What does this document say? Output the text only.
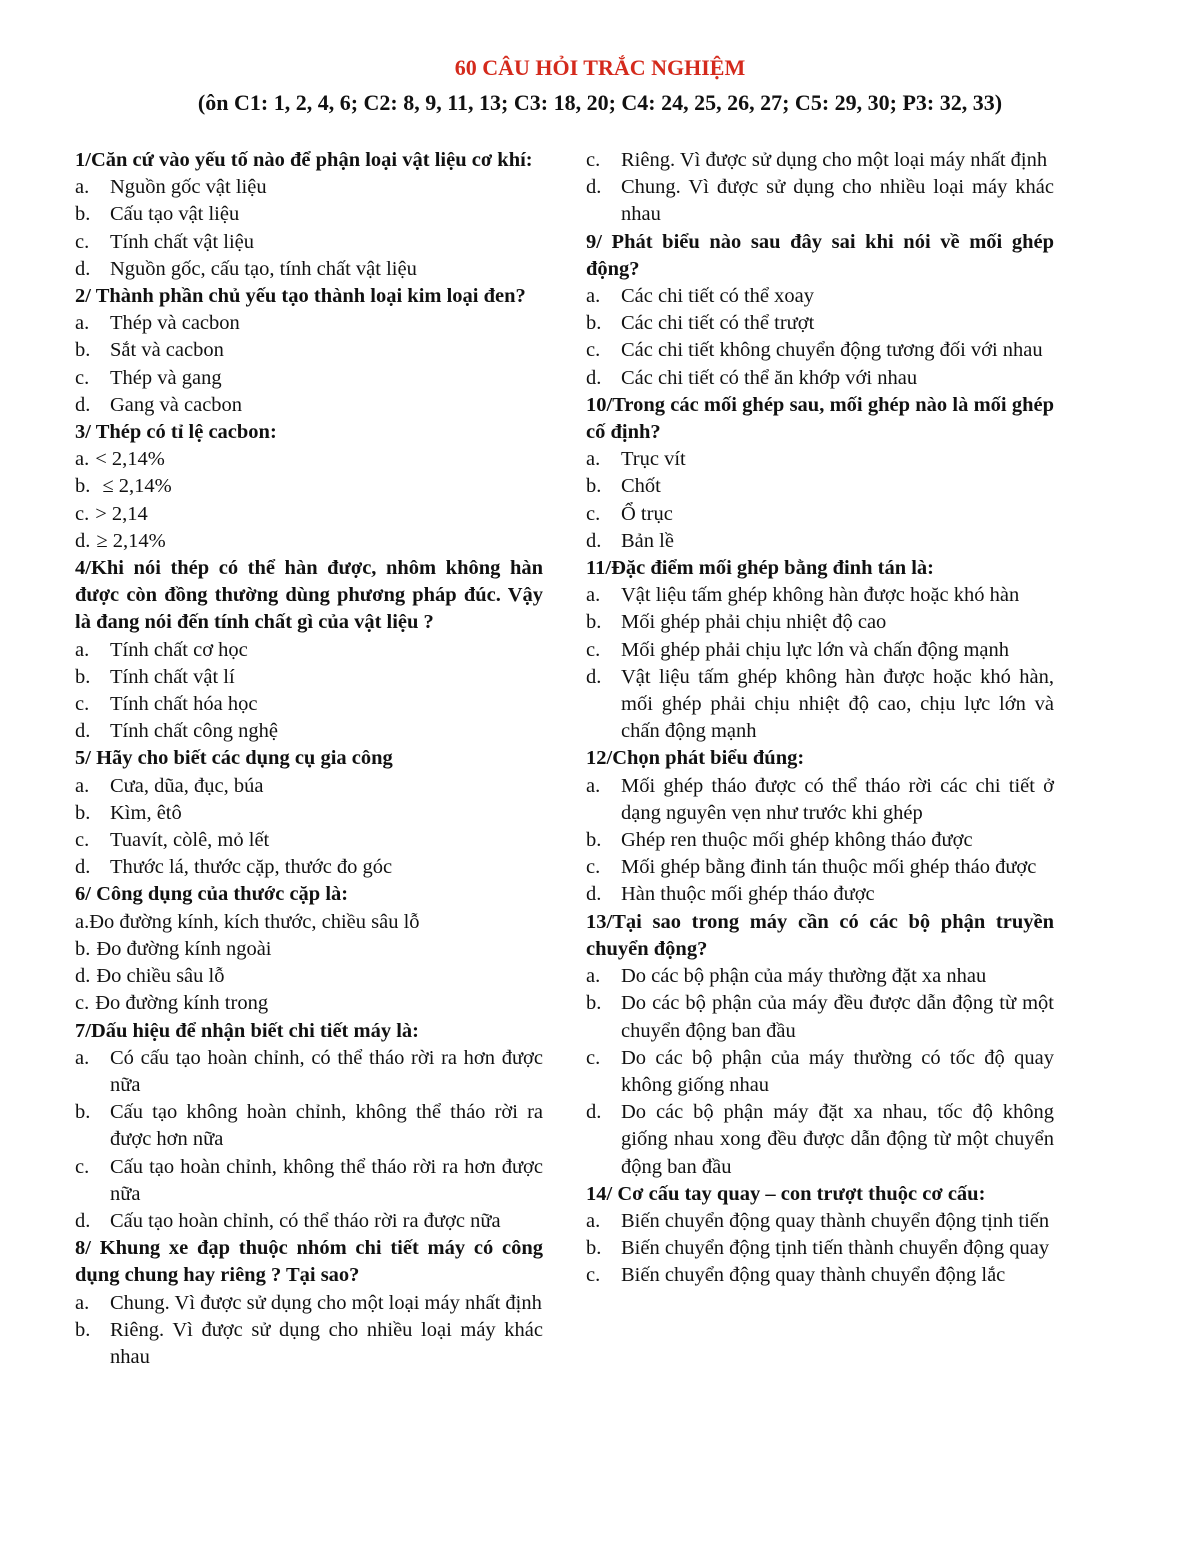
60 CÂU HỎI TRẮC NGHIỆM
(ôn C1: 1, 2, 4, 6; C2: 8, 9, 11, 13; C3: 18, 20; C4: 24, 25, 26, 27; C5: 29, 30; P3: 32, 33)
1/Căn cứ vào yếu tố nào để phận loại vật liệu cơ khí:
a.	Nguồn gốc vật liệu
b. Cấu tạo vật liệu
c.	Tính chất vật liệu
d. Nguồn gốc, cấu tạo, tính chất vật liệu
2/ Thành phần chủ yếu tạo thành loại kim loại đen?
a.	Thép và cacbon
b. Sắt và cacbon
c.	Thép và gang
d. Gang và cacbon
3/ Thép có tỉ lệ cacbon:
a. < 2,14%
b. ≤ 2,14%
c. > 2,14
d. ≥ 2,14%
4/Khi nói thép có thể hàn được, nhôm không hàn được còn đồng thường dùng phương pháp đúc. Vậy là đang nói đến tính chất gì của vật liệu ?
a.	Tính chất cơ học
b. Tính chất vật lí
c.	Tính chất hóa học
d. Tính chất công nghệ
5/ Hãy cho biết các dụng cụ gia công
a.	Cưa, dũa, đục, búa
b. Kìm, êtô
c.	Tuavít, còlê, mỏ lết
d. Thước lá, thước cặp, thước đo góc
6/ Công dụng của thước cặp là:
a. Đo đường kính, kích thước, chiều sâu lỗ
b. Đo đường kính ngoài
d. Đo chiều sâu lỗ
c. Đo đường kính trong
7/Dấu hiệu để nhận biết chi tiết máy là:
a.	Có cấu tạo hoàn chỉnh, có thể tháo rời ra hơn được nữa
b. Cấu tạo không hoàn chỉnh, không thể tháo rời ra được hơn nữa
c.	Cấu tạo hoàn chỉnh, không thể tháo rời ra hơn được nữa
d. Cấu tạo hoàn chỉnh, có thể tháo rời ra được nữa
8/ Khung xe đạp thuộc nhóm chi tiết máy có công dụng chung hay riêng ? Tại sao?
a.	Chung. Vì được sử dụng cho một loại máy nhất định
b. Riêng. Vì được sử dụng cho nhiều loại máy khác nhau
c.	Riêng. Vì được sử dụng cho một loại máy nhất định
d. Chung. Vì được sử dụng cho nhiều loại máy khác nhau
9/ Phát biểu nào sau đây sai khi nói về mối ghép động?
a.	Các chi tiết có thể xoay
b. Các chi tiết có thể trượt
c.	Các chi tiết không chuyển động tương đối với nhau
d. Các chi tiết có thể ăn khớp với nhau
10/Trong các mối ghép sau, mối ghép nào là mối ghép cố định?
a.	Trục vít
b. Chốt
c.	Ổ trục
d. Bản lề
11/Đặc điểm mối ghép bằng đinh tán là:
a.	Vật liệu tấm ghép không hàn được hoặc khó hàn
b. Mối ghép phải chịu nhiệt độ cao
c.	Mối ghép phải chịu lực lớn và chấn động mạnh
d. Vật liệu tấm ghép không hàn được hoặc khó hàn, mối ghép phải chịu nhiệt độ cao, chịu lực lớn và chấn động mạnh
12/Chọn phát biểu đúng:
a.	Mối ghép tháo được có thể tháo rời các chi tiết ở dạng nguyên vẹn như trước khi ghép
b. Ghép ren thuộc mối ghép không tháo được
c.	Mối ghép bằng đinh tán thuộc mối ghép tháo được
d. Hàn thuộc mối ghép tháo được
13/Tại sao trong máy cần có các bộ phận truyền chuyển động?
a.	Do các bộ phận của máy thường đặt xa nhau
b. Do các bộ phận của máy đều được dẫn động từ một chuyển động ban đầu
c.	Do các bộ phận của máy thường có tốc độ quay không giống nhau
d. Do các bộ phận máy đặt xa nhau, tốc độ không giống nhau xong đều được dẫn động từ một chuyển động ban đầu
14/ Cơ cấu tay quay – con trượt thuộc cơ cấu:
a.	Biến chuyển động quay thành chuyển động tịnh tiến
b. Biến chuyển động tịnh tiến thành chuyển động quay
c.	Biến chuyển động quay thành chuyển động lắc
